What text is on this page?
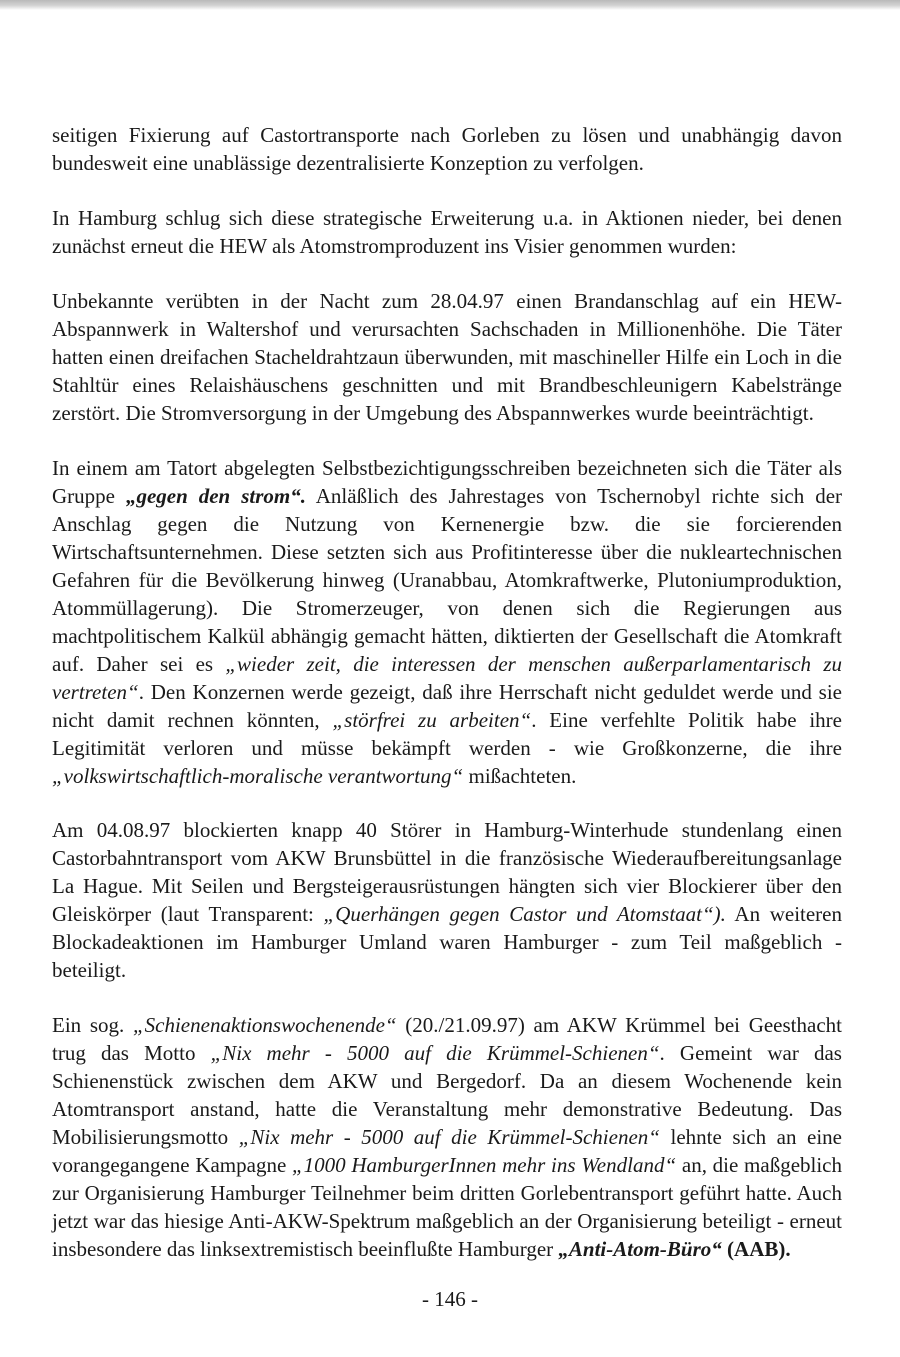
seitigen Fixierung auf Castortransporte nach Gorleben zu lösen und unabhängig davon bundesweit eine unablässige dezentralisierte Konzeption zu verfolgen.

In Hamburg schlug sich diese strategische Erweiterung u.a. in Aktionen nieder, bei denen zunächst erneut die HEW als Atomstromproduzent ins Visier genommen wurden:

Unbekannte verübten in der Nacht zum 28.04.97 einen Brandanschlag auf ein HEW-Abspannwerk in Waltershof und verursachten Sachschaden in Millionenhöhe. Die Täter hatten einen dreifachen Stacheldrahtzaun überwunden, mit maschineller Hilfe ein Loch in die Stahltür eines Relaishäuschens geschnitten und mit Brandbeschleunigern Kabelstränge zerstört. Die Stromversorgung in der Umgebung des Abspannwerkes wurde beeinträchtigt.

In einem am Tatort abgelegten Selbstbezichtigungsschreiben bezeichneten sich die Täter als Gruppe „gegen den strom“. Anläßlich des Jahrestages von Tschernobyl richte sich der Anschlag gegen die Nutzung von Kernenergie bzw. die sie forcierenden Wirtschaftsunternehmen. Diese setzten sich aus Profitinteresse über die nukleartechnischen Gefahren für die Bevölkerung hinweg (Uranabbau, Atomkraftwerke, Plutoniumproduktion, Atommüllagerung). Die Stromerzeuger, von denen sich die Regierungen aus machtpolitischem Kalkül abhängig gemacht hätten, diktierten der Gesellschaft die Atomkraft auf. Daher sei es „wieder zeit, die interessen der menschen außerparlamentarisch zu vertreten“. Den Konzernen werde gezeigt, daß ihre Herrschaft nicht geduldet werde und sie nicht damit rechnen könnten, „störfrei zu arbeiten“. Eine verfehlte Politik habe ihre Legitimität verloren und müsse bekämpft werden - wie Großkonzerne, die ihre „volkswirtschaftlich-moralische verantwortung“ mißachteten.

Am 04.08.97 blockierten knapp 40 Störer in Hamburg-Winterhude stundenlang einen Castorbahntransport vom AKW Brunsbüttel in die französische Wiederaufbereitungsanlage La Hague. Mit Seilen und Bergsteigerausrüstungen hängten sich vier Blockierer über den Gleiskörper (laut Transparent: „Querhängen gegen Castor und Atomstaat“). An weiteren Blockadeaktionen im Hamburger Umland waren Hamburger - zum Teil maßgeblich - beteiligt.

Ein sog. „Schienenaktionswochenende“ (20./21.09.97) am AKW Krümmel bei Geesthacht trug das Motto „Nix mehr - 5000 auf die Krümmel-Schienen“. Gemeint war das Schienenstück zwischen dem AKW und Bergedorf. Da an diesem Wochenende kein Atomtransport anstand, hatte die Veranstaltung mehr demonstrative Bedeutung. Das Mobilisierungsmotto „Nix mehr - 5000 auf die Krümmel-Schienen“ lehnte sich an eine vorangegangene Kampagne „1000 HamburgerInnen mehr ins Wendland“ an, die maßgeblich zur Organisierung Hamburger Teilnehmer beim dritten Gorlebentransport geführt hatte. Auch jetzt war das hiesige Anti-AKW-Spektrum maßgeblich an der Organisierung beteiligt - erneut insbesondere das linksextremistisch beeinflußte Hamburger „Anti-Atom-Büro“ (AAB).

- 146 -
